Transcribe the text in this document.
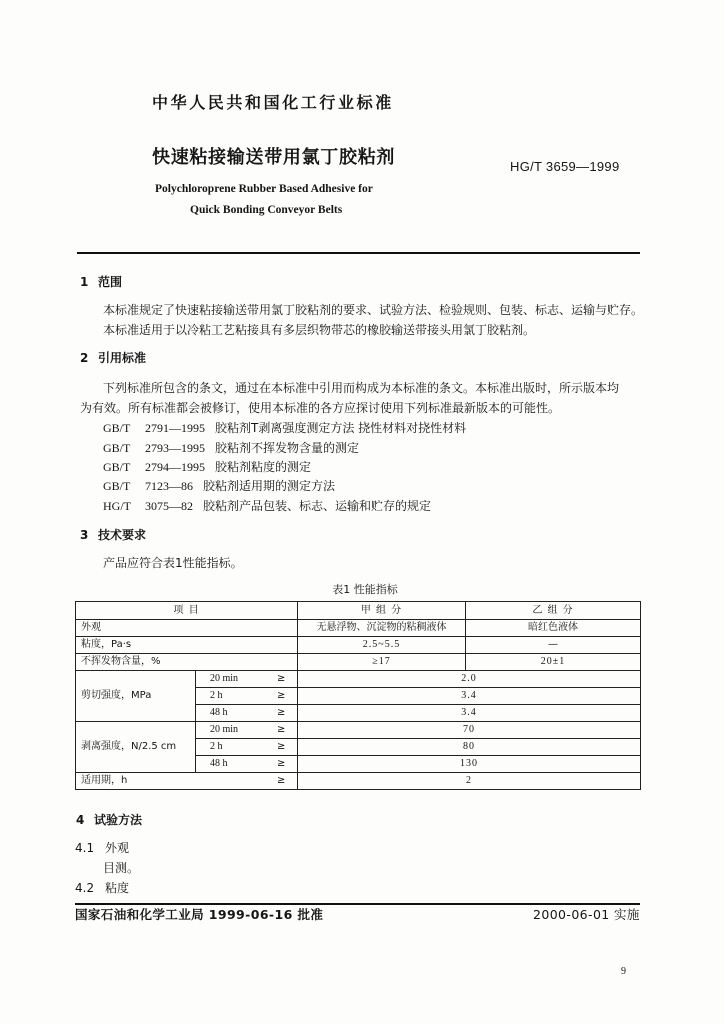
中华人民共和国化工行业标准
快速粘接输送带用氯丁胶粘剂	HG/T 3659—1999
Polychloroprene Rubber Based Adhesive for
Quick Bonding Conveyor Belts
1 范围
本标准规定了快速粘接输送带用氯丁胶粘剂的要求、试验方法、检验规则、包装、标志、运输与贮存。
本标准适用于以冷粘工艺粘接具有多层织物带芯的橡胶输送带接头用氯丁胶粘剂。
2 引用标准
下列标准所包含的条文，通过在本标准中引用而构成为本标准的条文。本标准出版时，所示版本均
为有效。所有标准都会被修订，使用本标准的各方应探讨使用下列标准最新版本的可能性。
GB/T 2791—1995 胶粘剂T剥离强度测定方法 挠性材料对挠性材料
GB/T 2793—1995 胶粘剂不挥发物含量的测定
GB/T 2794—1995 胶粘剂粘度的测定
GB/T 7123—86 胶粘剂适用期的测定方法
HG/T 3075—82 胶粘剂产品包装、标志、运输和贮存的规定
3 技术要求
产品应符合表1性能指标。
表1 性能指标
项 目			甲 组 分	乙 组 分
外观			无悬浮物、沉淀物的粘稠液体	暗红色液体
粘度，Pa·s			2.5~5.5	—
不挥发物含量，%			≥17	20±1
剪切强度，MPa	20 min	≥	2.0	
	2 h	≥	3.4	
	48 h	≥	3.4	
剥离强度，N/2.5 cm	20 min	≥	70	
	2 h	≥	80	
	48 h	≥	130	
适用期，h		≥	2	
4 试验方法
4.1 外观
目测。
4.2 粘度
国家石油和化学工业局 1999-06-16 批准	2000-06-01 实施
9
